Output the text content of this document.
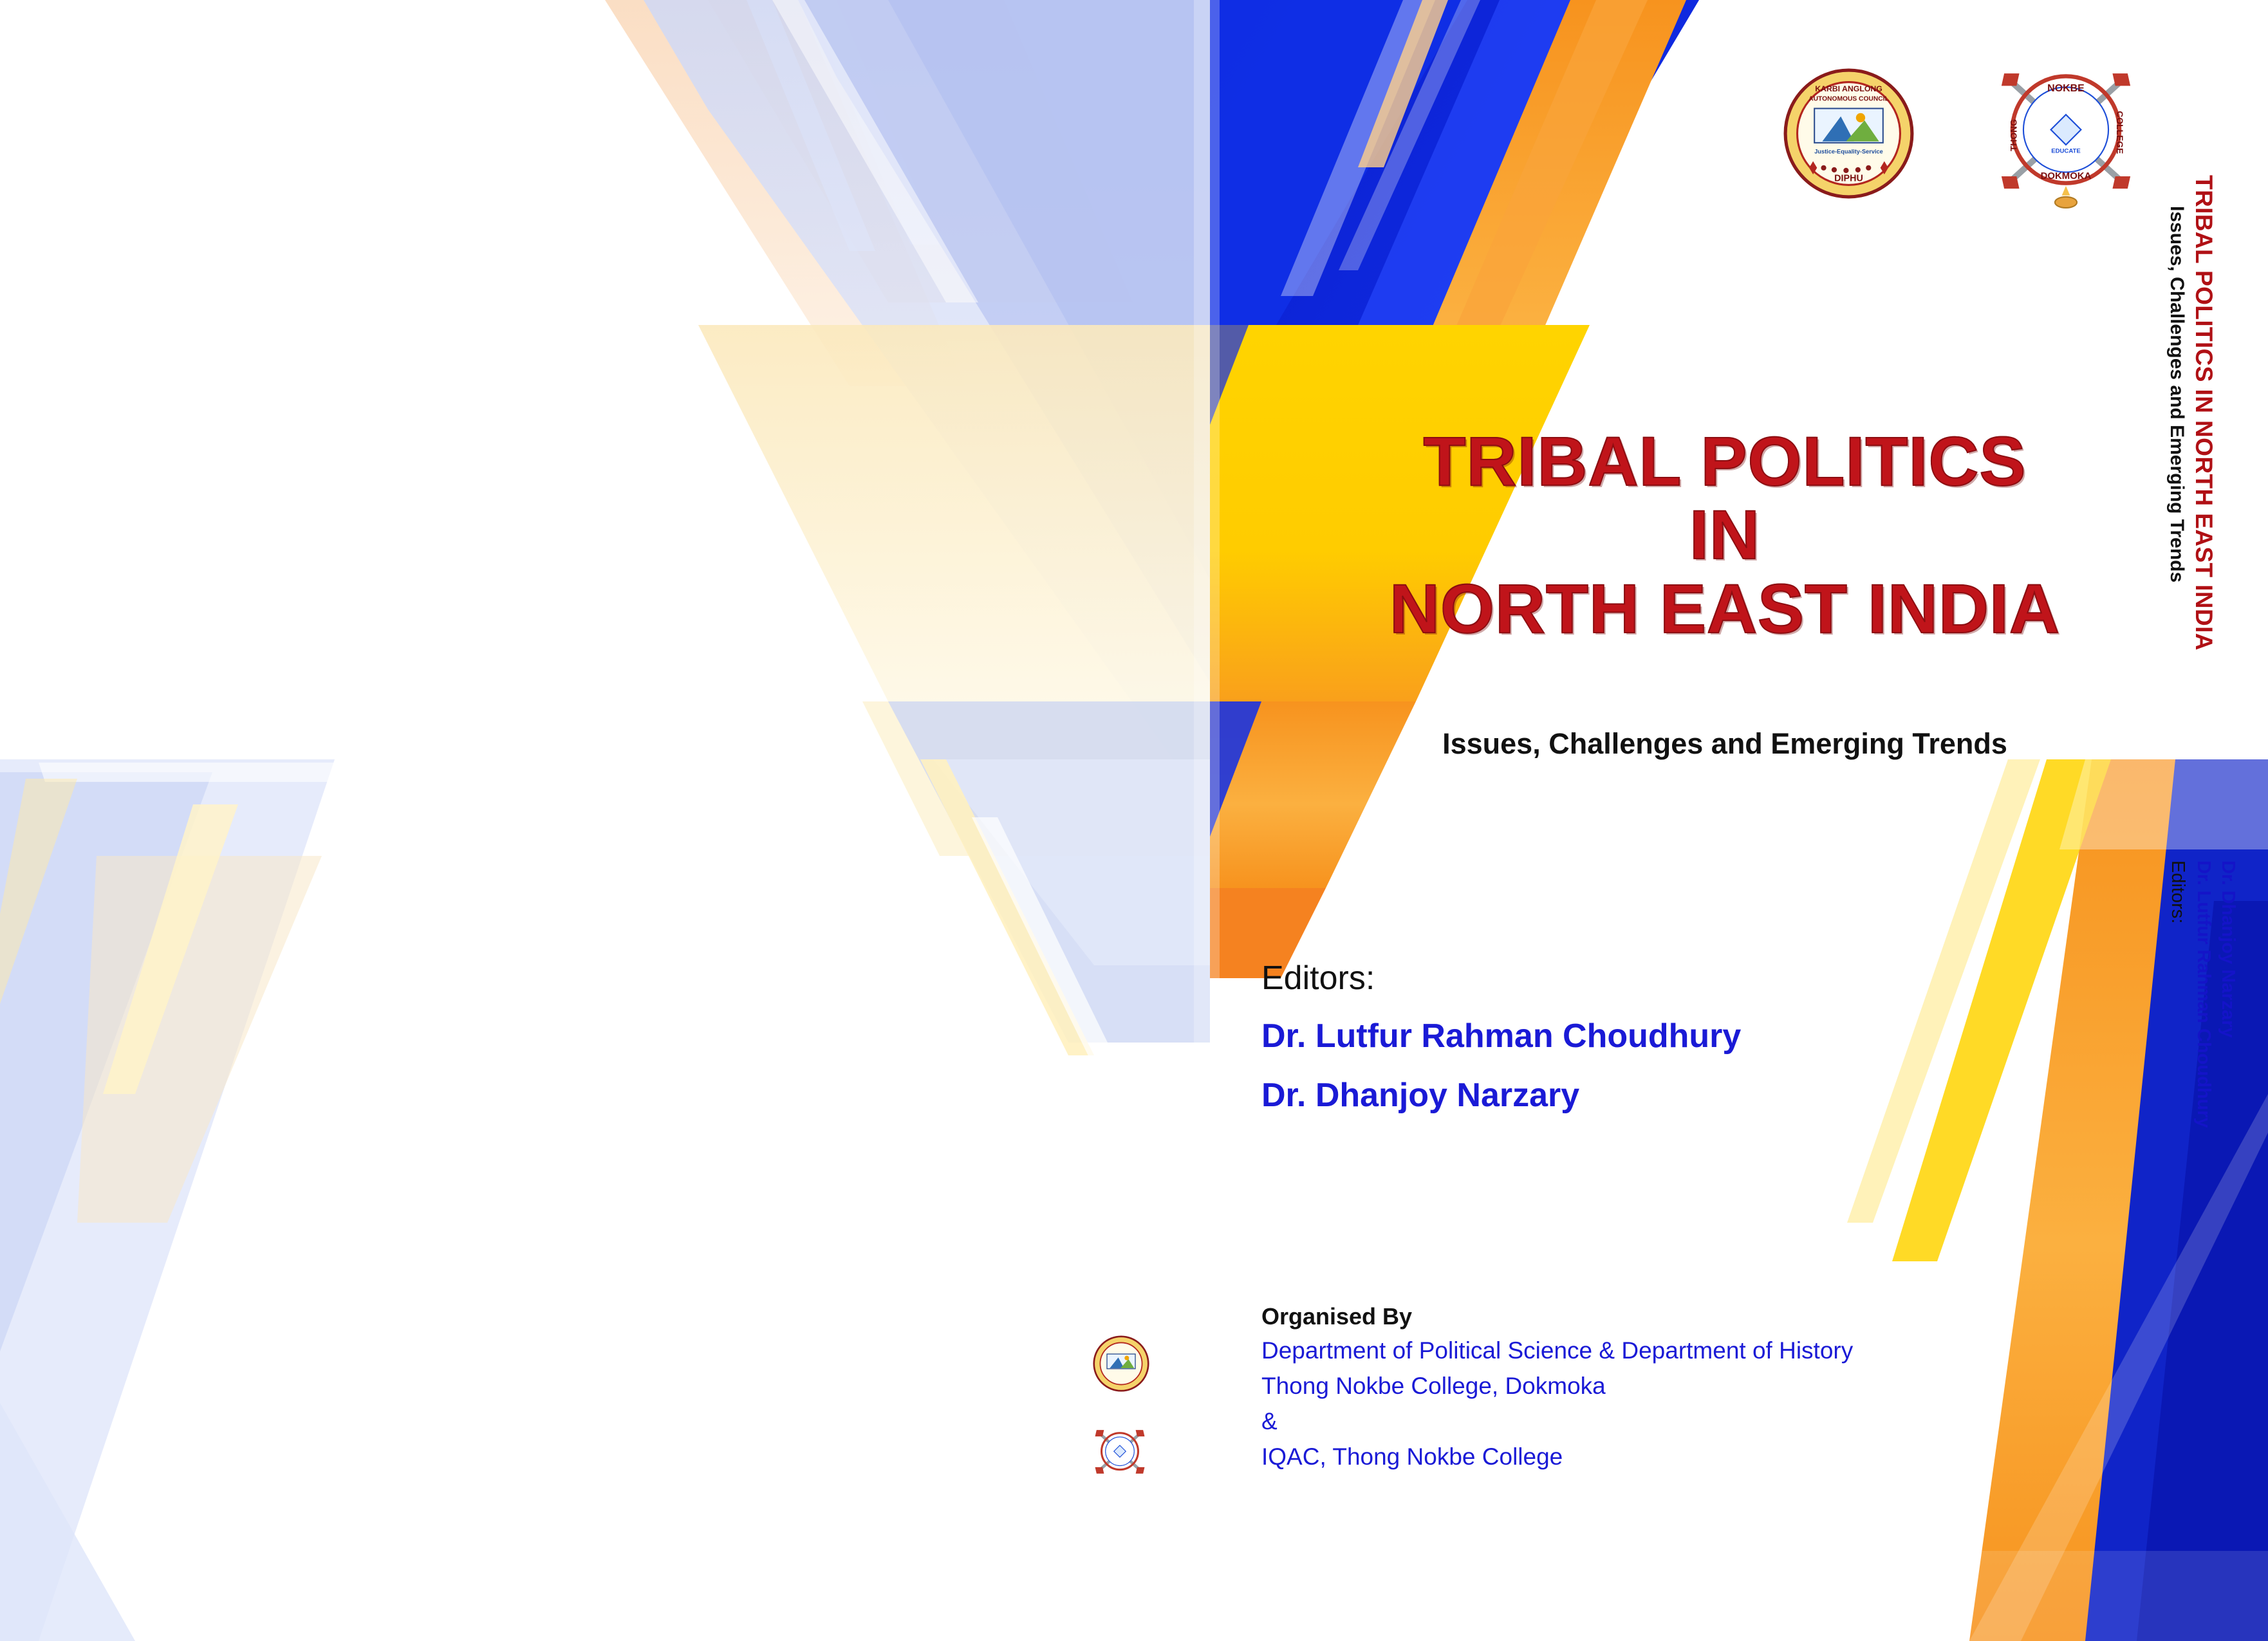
KARBI ANGLONG
AUTONOMOUS COUNCIL
Justice-Equality-Service
DIPHU
NOKBE
DOKMOKA
THONG	COLLEGE
EDUCATE
TRIBAL POLITICS IN NORTH EAST INDIA
Issues, Challenges and Emerging Trends
Editors: Dr. Lutfur Rahman Choudhury Dr. Dhanjoy Narzary
TRIBAL POLITICS
IN
NORTH EAST INDIA
Issues, Challenges and Emerging Trends
Editors:
Dr. Lutfur Rahman Choudhury
Dr. Dhanjoy Narzary
Organised By
Department of Political Science & Department of History
Thong Nokbe College, Dokmoka
&
IQAC, Thong Nokbe College
